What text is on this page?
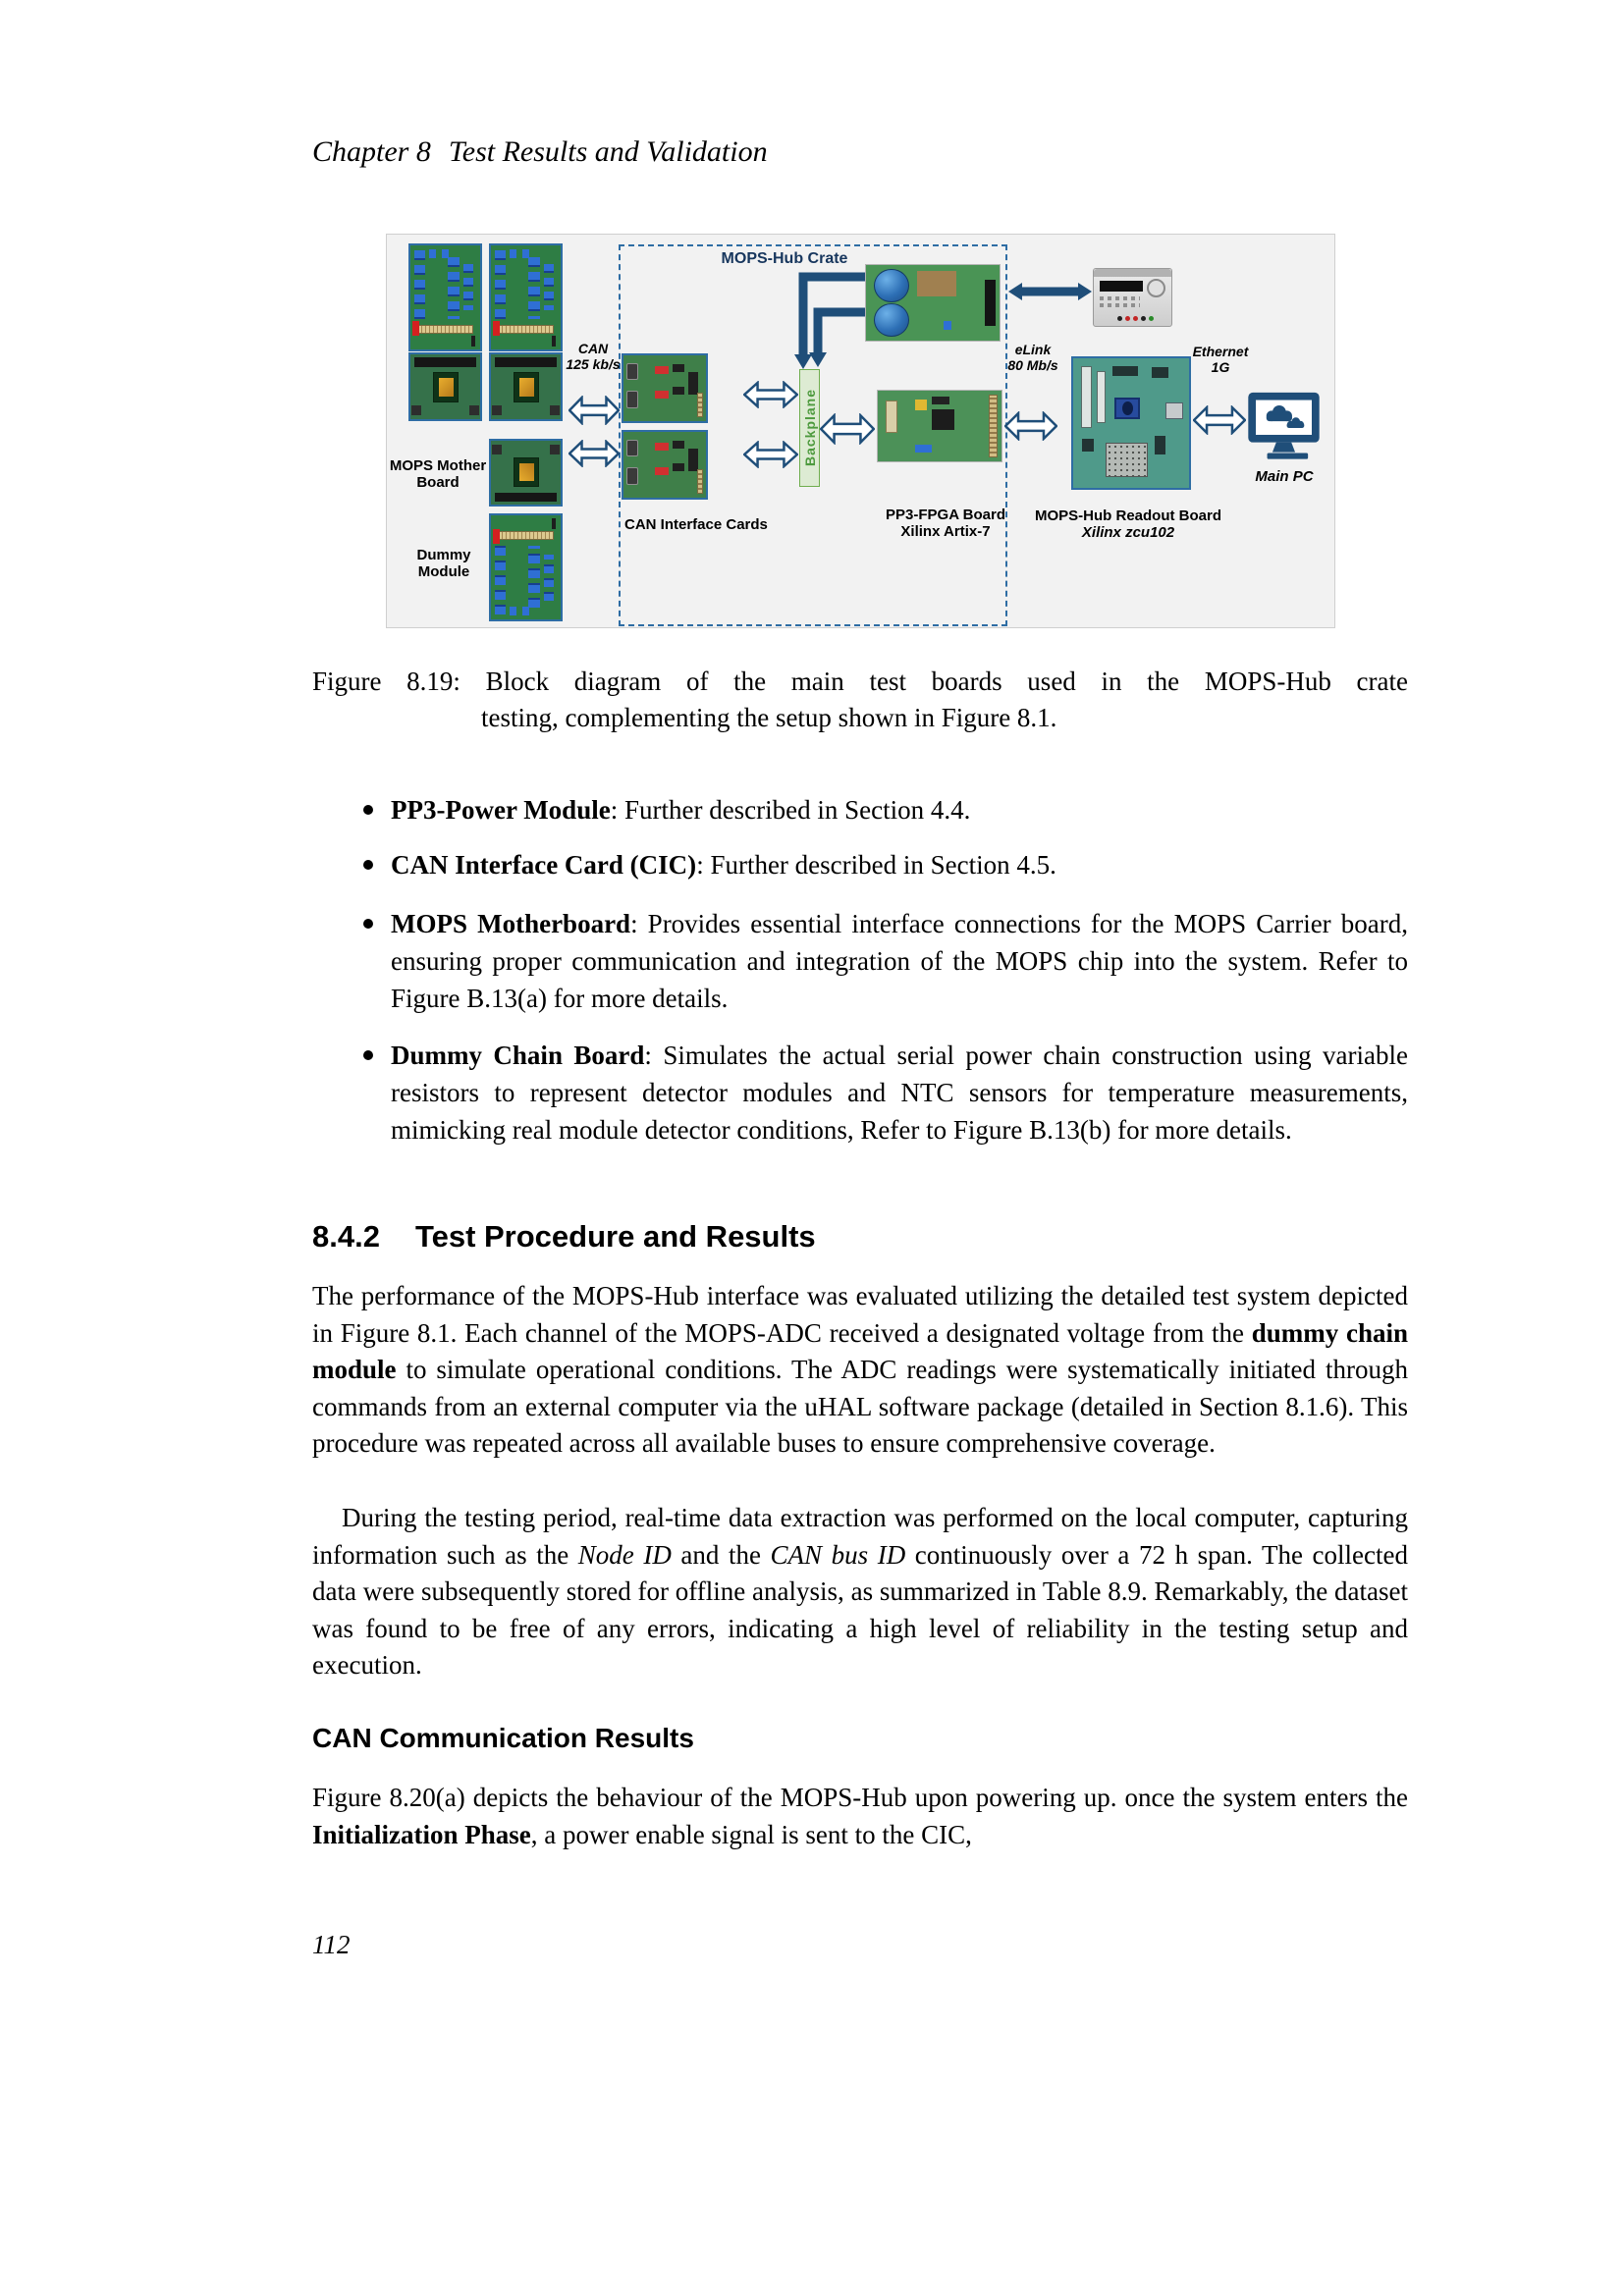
Chapter 8 Test Results and Validation
MOPS-Hub Crate
MOPS Mother
Board
Dummy
Module
CAN
125 kb/s
CAN Interface Cards
Backplane
PP3-FPGA Board
Xilinx Artix-7
MOPS-Hub Readout Board
Xilinx zcu102
eLink
80 Mb/s
Ethernet
1G
Main PC
Figure 8.19: Block diagram of the main test boards used in the MOPS-Hub crate
testing, complementing the setup shown in Figure 8.1.
PP3-Power Module: Further described in Section 4.4.
CAN Interface Card (CIC): Further described in Section 4.5.
MOPS Motherboard: Provides essential interface connections for the MOPS Carrier board, ensuring proper communication and integration of the MOPS chip into the system. Refer to Figure B.13(a) for more details.
Dummy Chain Board: Simulates the actual serial power chain construction using variable resistors to represent detector modules and NTC sensors for temperature measurements, mimicking real module detector conditions, Refer to Figure B.13(b) for more details.
8.4.2 Test Procedure and Results
The performance of the MOPS-Hub interface was evaluated utilizing the detailed test system depicted in Figure 8.1. Each channel of the MOPS-ADC received a designated voltage from the dummy chain module to simulate operational conditions. The ADC readings were systematically initiated through commands from an external computer via the uHAL software package (detailed in Section 8.1.6). This procedure was repeated across all available buses to ensure comprehensive coverage.
During the testing period, real-time data extraction was performed on the local computer, capturing information such as the Node ID and the CAN bus ID continuously over a 72 h span. The collected data were subsequently stored for offline analysis, as summarized in Table 8.9. Remarkably, the dataset was found to be free of any errors, indicating a high level of reliability in the testing setup and execution.
CAN Communication Results
Figure 8.20(a) depicts the behaviour of the MOPS-Hub upon powering up. once the system enters the Initialization Phase, a power enable signal is sent to the CIC,
112
